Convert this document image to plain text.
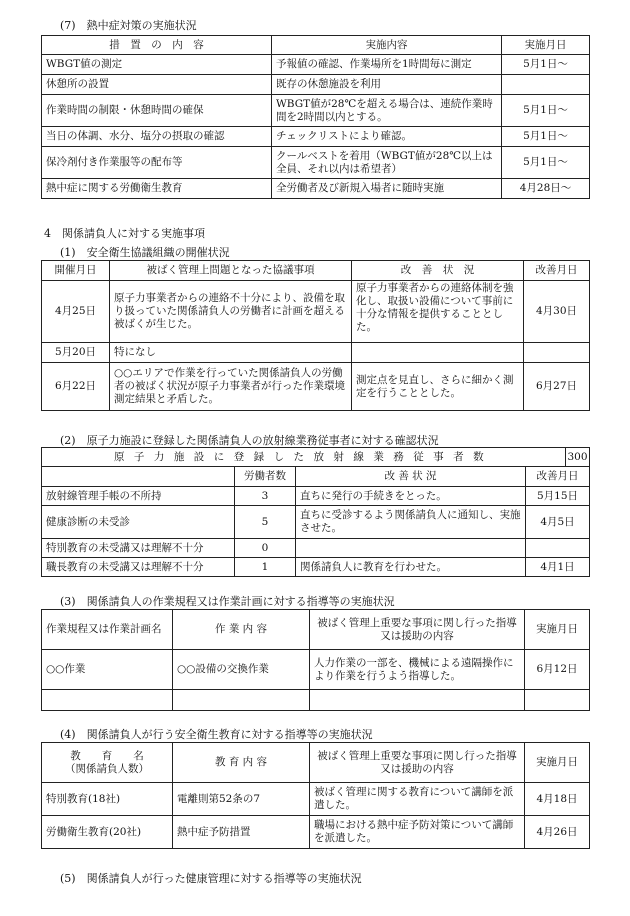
(7)　熱中症対策の実施状況
措　置　の　内　容	実施内容	実施月日
WBGT値の測定	予報値の確認、作業場所を1時間毎に測定	5月1日～
休憩所の設置	既存の休憩施設を利用	
作業時間の制限・休憩時間の確保	WBGT値が28℃を超える場合は、連続作業時間を2時間以内とする。	5月1日～
当日の体調、水分、塩分の摂取の確認	チェックリストにより確認。	5月1日～
保冷剤付き作業服等の配布等	クールベストを着用（WBGT値が28℃以上は全員、それ以内は希望者）	5月1日～
熱中症に関する労働衛生教育	全労働者及び新規入場者に随時実施	4月28日～
4　関係請負人に対する実施事項
(1)　安全衛生協議組織の開催状況
開催月日	被ばく管理上問題となった協議事項	改　善　状　況	改善月日
4月25日	原子力事業者からの連絡不十分により、設備を取り扱っていた関係請負人の労働者に計画を超える被ばくが生じた。	原子力事業者からの連絡体制を強化し、取扱い設備について事前に十分な情報を提供することとした。	4月30日
5月20日	特になし		
6月22日	○○エリアで作業を行っていた関係請負人の労働者の被ばく状況が原子力事業者が行った作業環境測定結果と矛盾した。	測定点を見直し、さらに細かく測定を行うこととした。	6月27日
(2)　原子力施設に登録した関係請負人の放射線業務従事者に対する確認状況
原子力施設に登録した放射線業務従事者数	300
	労働者数	改 善 状 況	改善月日
放射線管理手帳の不所持	3	直ちに発行の手続きをとった。	5月15日
健康診断の未受診	5	直ちに受診するよう関係請負人に通知し、実施させた。	4月5日
特別教育の未受講又は理解不十分	0		
職長教育の未受講又は理解不十分	1	関係請負人に教育を行わせた。	4月1日
(3)　関係請負人の作業規程又は作業計画に対する指導等の実施状況
作業規程又は作業計画名	作 業 内 容	被ばく管理上重要な事項に関し行った指導又は援助の内容	実施月日
○○作業	○○設備の交換作業	人力作業の一部を、機械による遠隔操作により作業を行うよう指導した。	6月12日

(4)　関係請負人が行う安全衛生教育に対する指導等の実施状況
教　　育　　名
（関係請負人数）	教 育 内 容	被ばく管理上重要な事項に関し行った指導又は援助の内容	実施月日
特別教育(18社)	電離則第52条の7	被ばく管理に関する教育について講師を派遣した。	4月18日
労働衛生教育(20社)	熱中症予防措置	職場における熱中症予防対策について講師を派遣した。	4月26日
(5)　関係請負人が行った健康管理に対する指導等の実施状況
